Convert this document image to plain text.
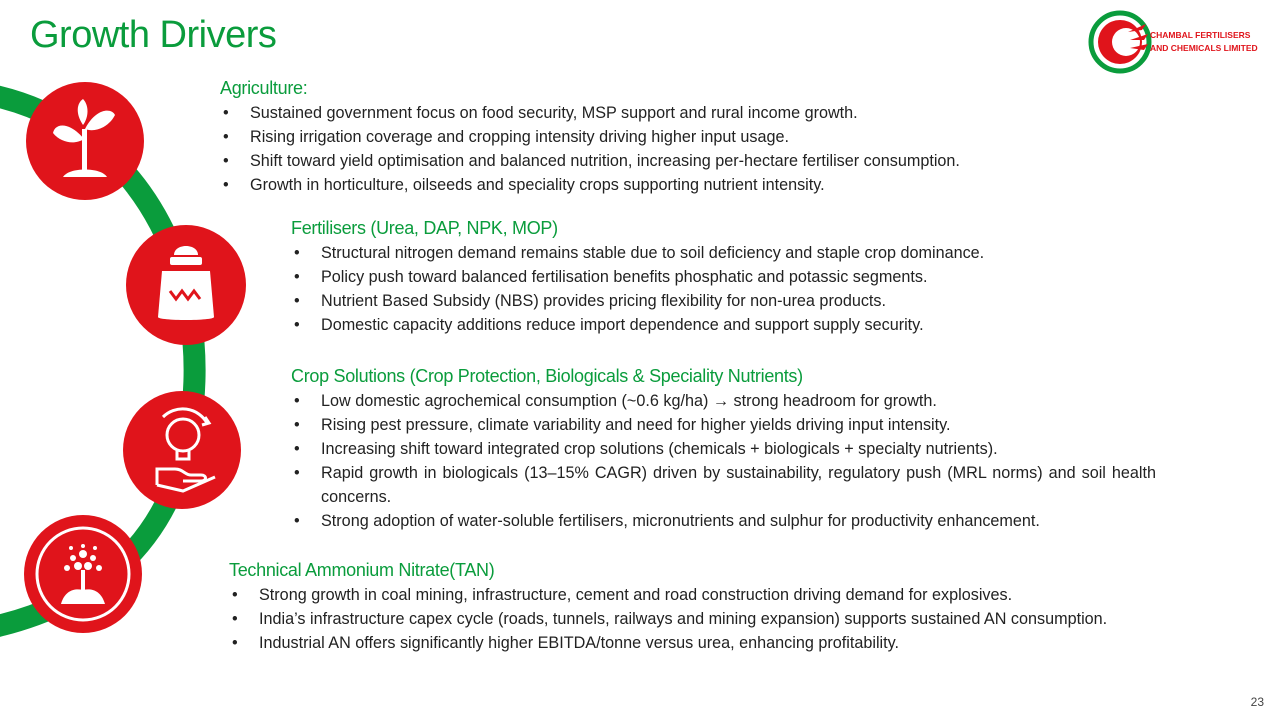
Growth Drivers	CHAMBAL FERTILISERS
AND CHEMICALS LIMITED
Agriculture:
• Sustained government focus on food security, MSP support and rural income growth.
• Rising irrigation coverage and cropping intensity driving higher input usage.
• Shift toward yield optimisation and balanced nutrition, increasing per-hectare fertiliser consumption.
• Growth in horticulture, oilseeds and speciality crops supporting nutrient intensity.
Fertilisers (Urea, DAP, NPK, MOP)
• Structural nitrogen demand remains stable due to soil deficiency and staple crop dominance.
• Policy push toward balanced fertilisation benefits phosphatic and potassic segments.
• Nutrient Based Subsidy (NBS) provides pricing flexibility for non-urea products.
• Domestic capacity additions reduce import dependence and support supply security.
Crop Solutions (Crop Protection, Biologicals & Speciality Nutrients)
• Low domestic agrochemical consumption (~0.6 kg/ha) → strong headroom for growth.
• Rising pest pressure, climate variability and need for higher yields driving input intensity.
• Increasing shift toward integrated crop solutions (chemicals + biologicals + specialty nutrients).
• Rapid growth in biologicals (13–15% CAGR) driven by sustainability, regulatory push (MRL norms) and soil health concerns.
• Strong adoption of water-soluble fertilisers, micronutrients and sulphur for productivity enhancement.
Technical Ammonium Nitrate(TAN)
• Strong growth in coal mining, infrastructure, cement and road construction driving demand for explosives.
• India’s infrastructure capex cycle (roads, tunnels, railways and mining expansion) supports sustained AN consumption.
• Industrial AN offers significantly higher EBITDA/tonne versus urea, enhancing profitability.
23
